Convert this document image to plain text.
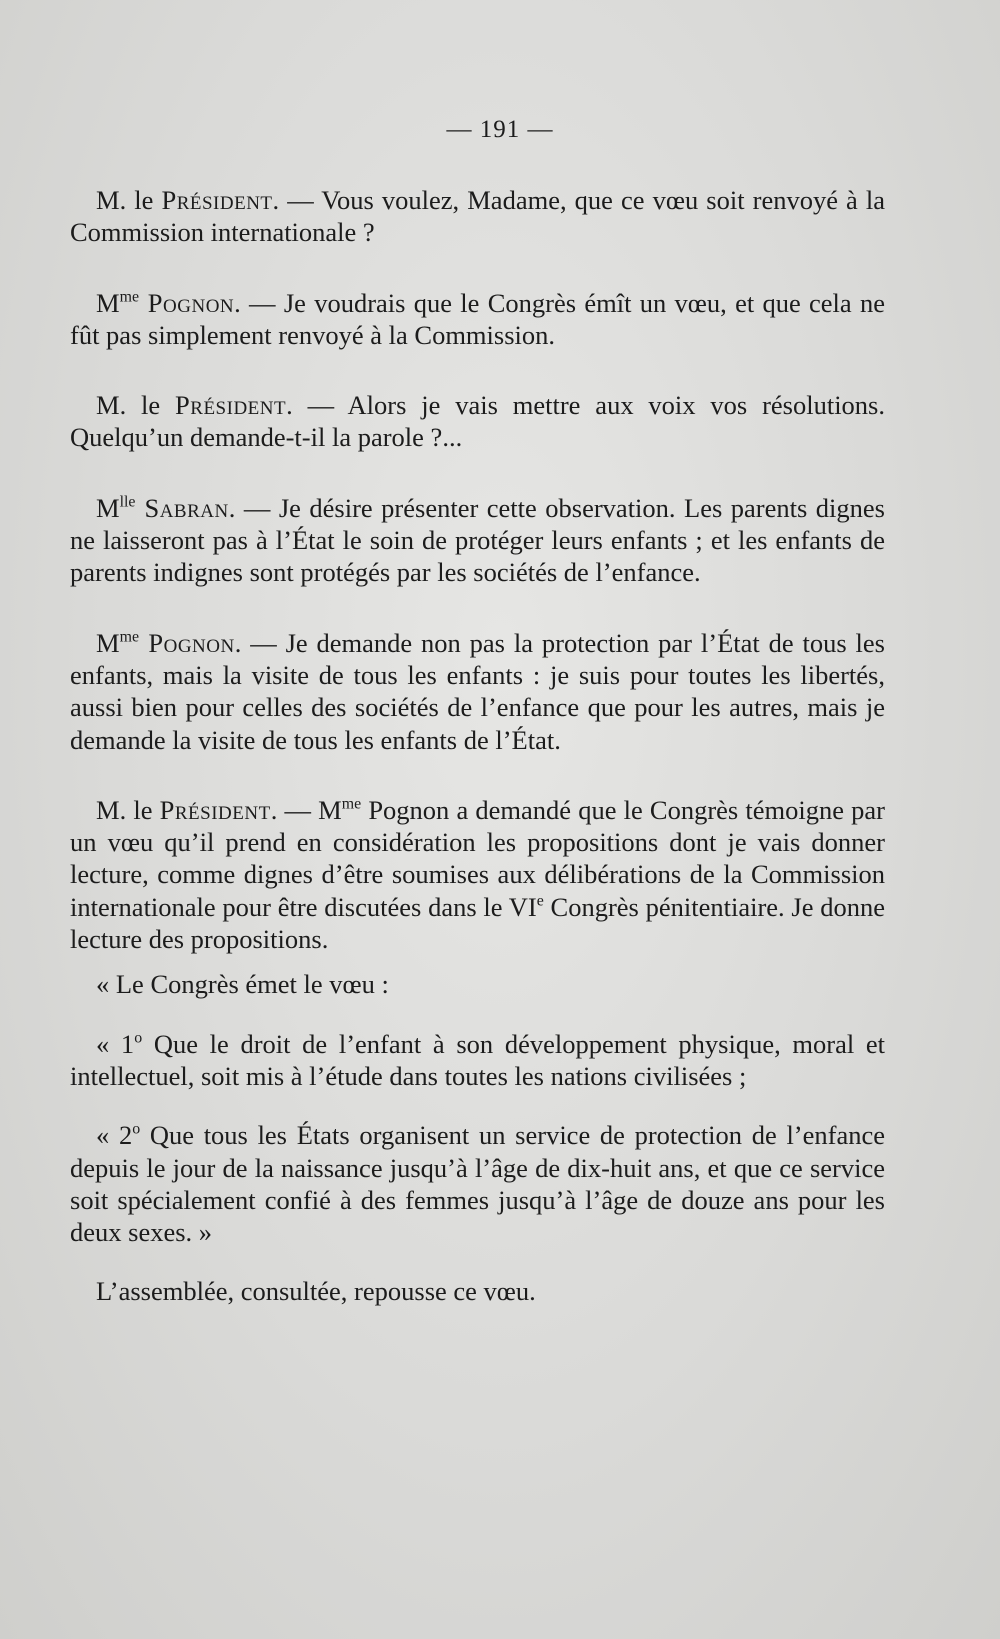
— 191 —

M. le Président. — Vous voulez, Madame, que ce vœu soit renvoyé à la Commission internationale ?

$M^{me}$ Pognon. — Je voudrais que le Congrès émît un vœu, et que cela ne fût pas simplement renvoyé à la Commission.

M. le Président. — Alors je vais mettre aux voix vos résolutions. Quelqu’un demande-t-il la parole ?...

$M^{lle}$ Sabran. — Je désire présenter cette observation. Les parents dignes ne laisseront pas à l’État le soin de protéger leurs enfants ; et les enfants de parents indignes sont protégés par les sociétés de l’enfance.

$M^{me}$ Pognon. — Je demande non pas la protection par l’État de tous les enfants, mais la visite de tous les enfants : je suis pour toutes les libertés, aussi bien pour celles des sociétés de l’enfance que pour les autres, mais je demande la visite de tous les enfants de l’État.

M. le Président. — $M^{me}$ Pognon a demandé que le Congrès témoigne par un vœu qu’il prend en considération les propositions dont je vais donner lecture, comme dignes d’être soumises aux délibérations de la Commission internationale pour être discutées dans le VIe Congrès pénitentiaire. Je donne lecture des propositions.

« Le Congrès émet le vœu :

« 1$^o$ Que le droit de l’enfant à son développement physique, moral et intellectuel, soit mis à l’étude dans toutes les nations civilisées ;

« 2$^o$ Que tous les États organisent un service de protection de l’enfance depuis le jour de la naissance jusqu’à l’âge de dix-huit ans, et que ce service soit spécialement confié à des femmes jusqu’à l’âge de douze ans pour les deux sexes. »

L’assemblée, consultée, repousse ce vœu.
